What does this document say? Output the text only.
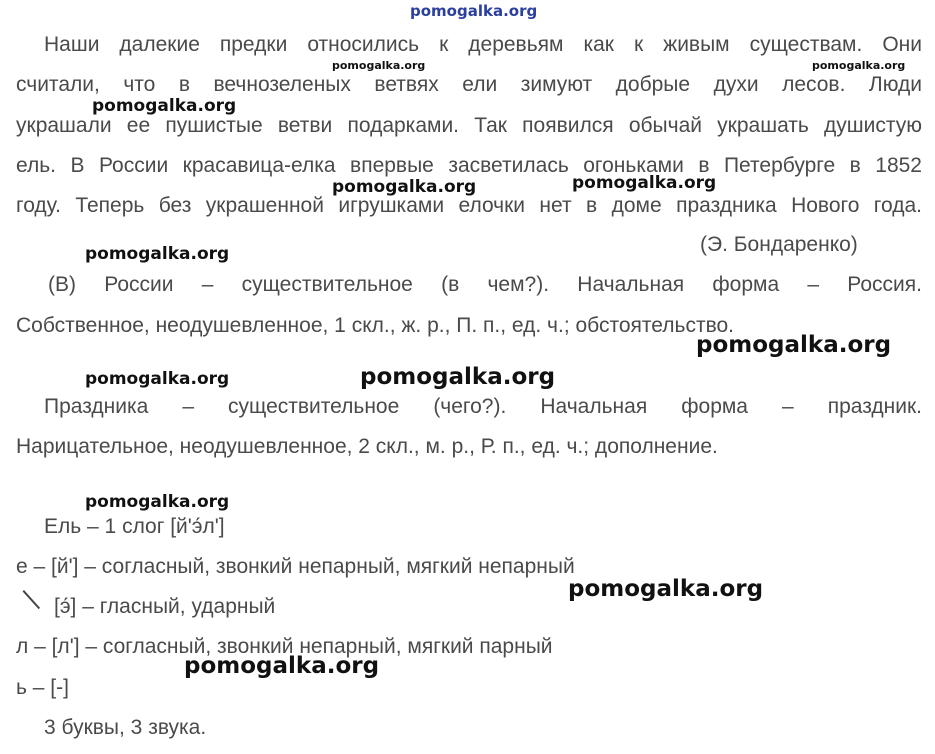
Наши далекие предки относились к деревьям как к живым существам. Они
считали, что в вечнозеленых ветвях ели зимуют добрые духи лесов. Люди
украшали ее пушистые ветви подарками. Так появился обычай украшать душистую
ель. В России красавица-елка впервые засветилась огоньками в Петербурге в 1852
году. Теперь без украшенной игрушками елочки нет в доме праздника Нового года.
(Э. Бондаренко)
(В) России – существительное (в чем?). Начальная форма – Россия.
Собственное, неодушевленное, 1 скл., ж. р., П. п., ед. ч.; обстоятельство.
Праздника – существительное (чего?). Начальная форма – праздник.
Нарицательное, неодушевленное, 2 скл., м. р., Р. п., ед. ч.; дополнение.
Ель – 1 слог [й'э́л']
е – [й'] – согласный, звонкий непарный, мягкий непарный
[э́] – гласный, ударный
л – [л'] – согласный, звонкий непарный, мягкий парный
ь – [-]
3 буквы, 3 звука.
pomogalka.org
pomogalka.org	pomogalka.org
pomogalka.org
pomogalka.org	pomogalka.org
pomogalka.org
pomogalka.org
pomogalka.org	pomogalka.org
pomogalka.org
pomogalka.org
pomogalka.org
